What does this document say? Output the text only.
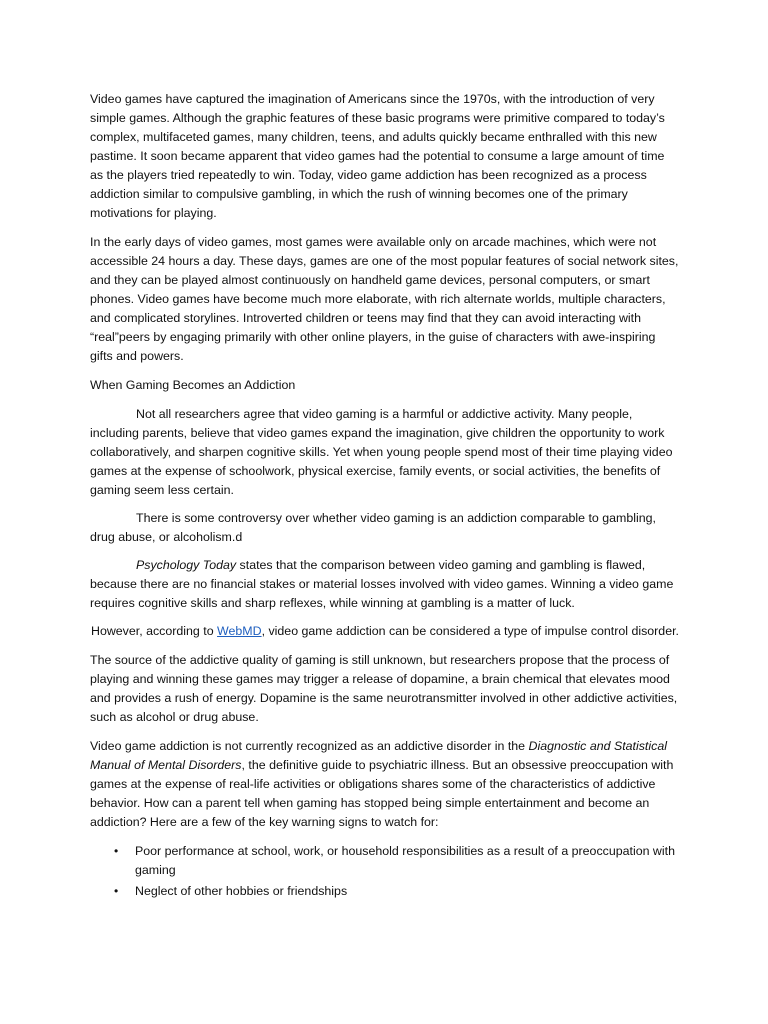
Video games have captured the imagination of Americans since the 1970s, with the introduction of very simple games. Although the graphic features of these basic programs were primitive compared to today’s complex, multifaceted games, many children, teens, and adults quickly became enthralled with this new pastime. It soon became apparent that video games had the potential to consume a large amount of time as the players tried repeatedly to win. Today, video game addiction has been recognized as a process addiction similar to compulsive gambling, in which the rush of winning becomes one of the primary motivations for playing.

In the early days of video games, most games were available only on arcade machines, which were not accessible 24 hours a day. These days, games are one of the most popular features of social network sites, and they can be played almost continuously on handheld game devices, personal computers, or smart phones. Video games have become much more elaborate, with rich alternate worlds, multiple characters, and complicated storylines. Introverted children or teens may find that they can avoid interacting with “real”peers by engaging primarily with other online players, in the guise of characters with awe-inspiring gifts and powers.

When Gaming Becomes an Addiction

Not all researchers agree that video gaming is a harmful or addictive activity. Many people, including parents, believe that video games expand the imagination, give children the opportunity to work collaboratively, and sharpen cognitive skills. Yet when young people spend most of their time playing video games at the expense of schoolwork, physical exercise, family events, or social activities, the benefits of gaming seem less certain.

There is some controversy over whether video gaming is an addiction comparable to gambling, drug abuse, or alcoholism.d

Psychology Today states that the comparison between video gaming and gambling is flawed, because there are no financial stakes or material losses involved with video games. Winning a video game requires cognitive skills and sharp reflexes, while winning at gambling is a matter of luck.

However, according to WebMD, video game addiction can be considered a type of impulse control disorder.

The source of the addictive quality of gaming is still unknown, but researchers propose that the process of playing and winning these games may trigger a release of dopamine, a brain chemical that elevates mood and provides a rush of energy. Dopamine is the same neurotransmitter involved in other addictive activities, such as alcohol or drug abuse.

Video game addiction is not currently recognized as an addictive disorder in the Diagnostic and Statistical Manual of Mental Disorders, the definitive guide to psychiatric illness. But an obsessive preoccupation with games at the expense of real-life activities or obligations shares some of the characteristics of addictive behavior. How can a parent tell when gaming has stopped being simple entertainment and become an addiction? Here are a few of the key warning signs to watch for:

• Poor performance at school, work, or household responsibilities as a result of a preoccupation with gaming
• Neglect of other hobbies or friendships
